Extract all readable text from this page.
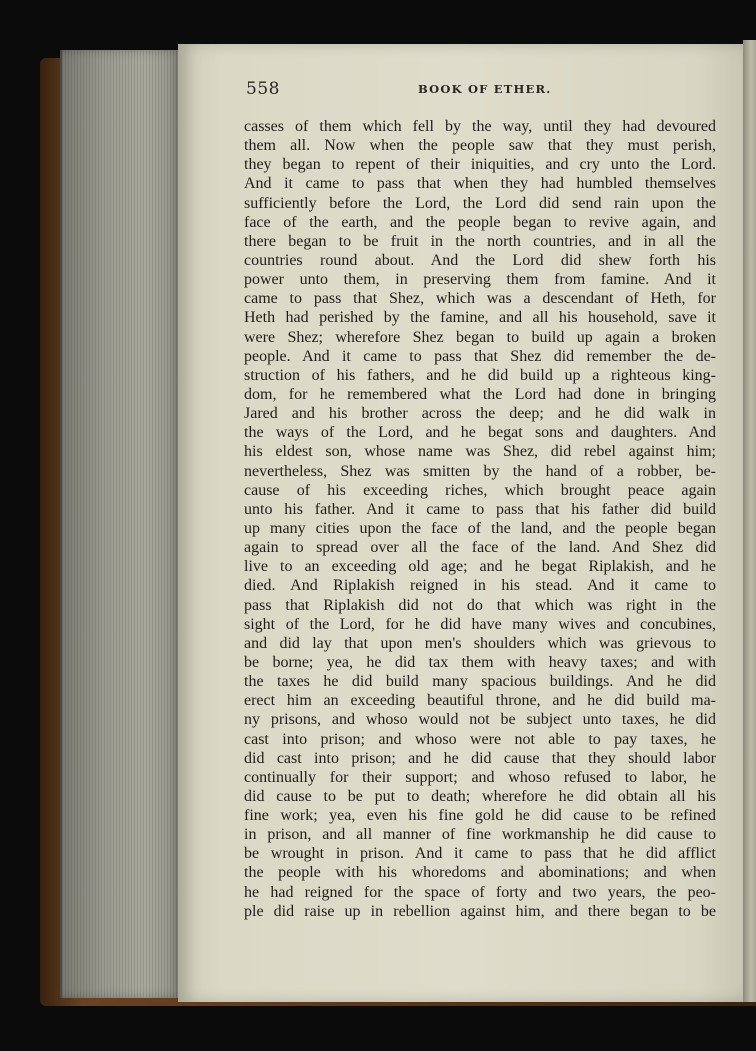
558	BOOK OF ETHER.
casses of them which fell by the way, until they had devoured
them all. Now when the people saw that they must perish,
they began to repent of their iniquities, and cry unto the Lord.
And it came to pass that when they had humbled themselves
sufficiently before the Lord, the Lord did send rain upon the
face of the earth, and the people began to revive again, and
there began to be fruit in the north countries, and in all the
countries round about. And the Lord did shew forth his
power unto them, in preserving them from famine. And it
came to pass that Shez, which was a descendant of Heth, for
Heth had perished by the famine, and all his household, save it
were Shez; wherefore Shez began to build up again a broken
people. And it came to pass that Shez did remember the de-
struction of his fathers, and he did build up a righteous king-
dom, for he remembered what the Lord had done in bringing
Jared and his brother across the deep; and he did walk in
the ways of the Lord, and he begat sons and daughters. And
his eldest son, whose name was Shez, did rebel against him;
nevertheless, Shez was smitten by the hand of a robber, be-
cause of his exceeding riches, which brought peace again
unto his father. And it came to pass that his father did build
up many cities upon the face of the land, and the people began
again to spread over all the face of the land. And Shez did
live to an exceeding old age; and he begat Riplakish, and he
died. And Riplakish reigned in his stead. And it came to
pass that Riplakish did not do that which was right in the
sight of the Lord, for he did have many wives and concubines,
and did lay that upon men's shoulders which was grievous to
be borne; yea, he did tax them with heavy taxes; and with
the taxes he did build many spacious buildings. And he did
erect him an exceeding beautiful throne, and he did build ma-
ny prisons, and whoso would not be subject unto taxes, he did
cast into prison; and whoso were not able to pay taxes, he
did cast into prison; and he did cause that they should labor
continually for their support; and whoso refused to labor, he
did cause to be put to death; wherefore he did obtain all his
fine work; yea, even his fine gold he did cause to be refined
in prison, and all manner of fine workmanship he did cause to
be wrought in prison. And it came to pass that he did afflict
the people with his whoredoms and abominations; and when
he had reigned for the space of forty and two years, the peo-
ple did raise up in rebellion against him, and there began to be
